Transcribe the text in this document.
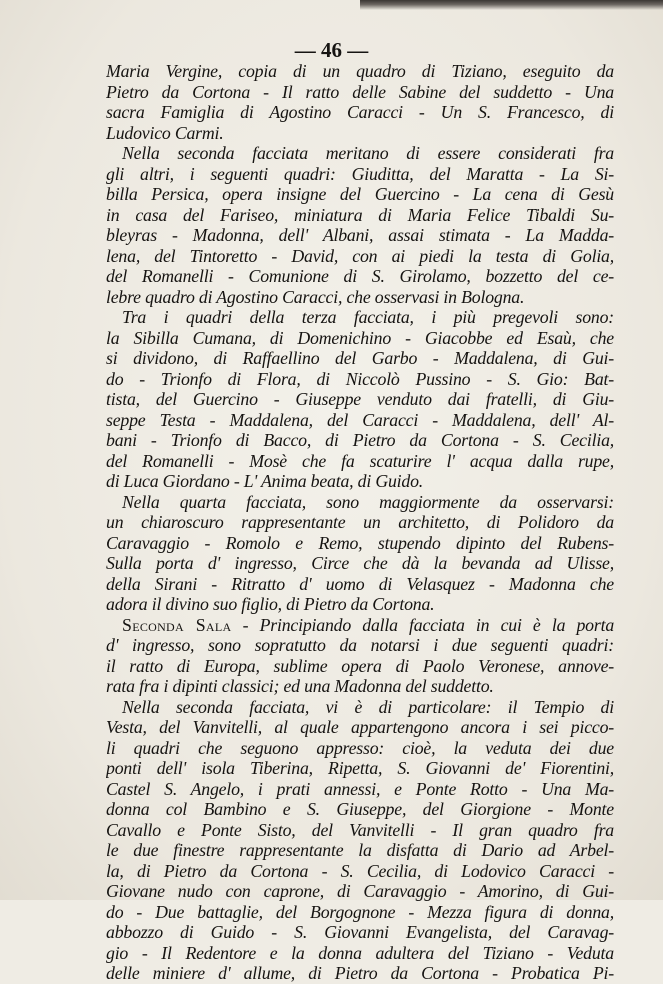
— 46 —
Maria Vergine, copia di un quadro di Tiziano, eseguito da
Pietro da Cortona - Il ratto delle Sabine del suddetto - Una
sacra Famiglia di Agostino Caracci - Un S. Francesco, di
Ludovico Carmi.
Nella seconda facciata meritano di essere considerati fra
gli altri, i seguenti quadri: Giuditta, del Maratta - La Si-
billa Persica, opera insigne del Guercino - La cena di Gesù
in casa del Fariseo, miniatura di Maria Felice Tibaldi Su-
bleyras - Madonna, dell' Albani, assai stimata - La Madda-
lena, del Tintoretto - David, con ai piedi la testa di Golia,
del Romanelli - Comunione di S. Girolamo, bozzetto del ce-
lebre quadro di Agostino Caracci, che osservasi in Bologna.
Tra i quadri della terza facciata, i più pregevoli sono:
la Sibilla Cumana, di Domenichino - Giacobbe ed Esaù, che
si dividono, di Raffaellino del Garbo - Maddalena, di Gui-
do - Trionfo di Flora, di Niccolò Pussino - S. Gio: Bat-
tista, del Guercino - Giuseppe venduto dai fratelli, di Giu-
seppe Testa - Maddalena, del Caracci - Maddalena, dell' Al-
bani - Trionfo di Bacco, di Pietro da Cortona - S. Cecilia,
del Romanelli - Mosè che fa scaturire l' acqua dalla rupe,
di Luca Giordano - L' Anima beata, di Guido.
Nella quarta facciata, sono maggiormente da osservarsi:
un chiaroscuro rappresentante un architetto, di Polidoro da
Caravaggio - Romolo e Remo, stupendo dipinto del Rubens-
Sulla porta d' ingresso, Circe che dà la bevanda ad Ulisse,
della Sirani - Ritratto d' uomo di Velasquez - Madonna che
adora il divino suo figlio, di Pietro da Cortona.
Seconda Sala - Principiando dalla facciata in cui è la porta
d' ingresso, sono sopratutto da notarsi i due seguenti quadri:
il ratto di Europa, sublime opera di Paolo Veronese, annove-
rata fra i dipinti classici; ed una Madonna del suddetto.
Nella seconda facciata, vi è di particolare: il Tempio di
Vesta, del Vanvitelli, al quale appartengono ancora i sei picco-
li quadri che seguono appresso: cioè, la veduta dei due
ponti dell' isola Tiberina, Ripetta, S. Giovanni de' Fiorentini,
Castel S. Angelo, i prati annessi, e Ponte Rotto - Una Ma-
donna col Bambino e S. Giuseppe, del Giorgione - Monte
Cavallo e Ponte Sisto, del Vanvitelli - Il gran quadro fra
le due finestre rappresentante la disfatta di Dario ad Arbel-
la, di Pietro da Cortona - S. Cecilia, di Lodovico Caracci -
Giovane nudo con caprone, di Caravaggio - Amorino, di Gui-
do - Due battaglie, del Borgognone - Mezza figura di donna,
abbozzo di Guido - S. Giovanni Evangelista, del Caravag-
gio - Il Redentore e la donna adultera del Tiziano - Veduta
delle miniere d' allume, di Pietro da Cortona - Probatica Pi-
